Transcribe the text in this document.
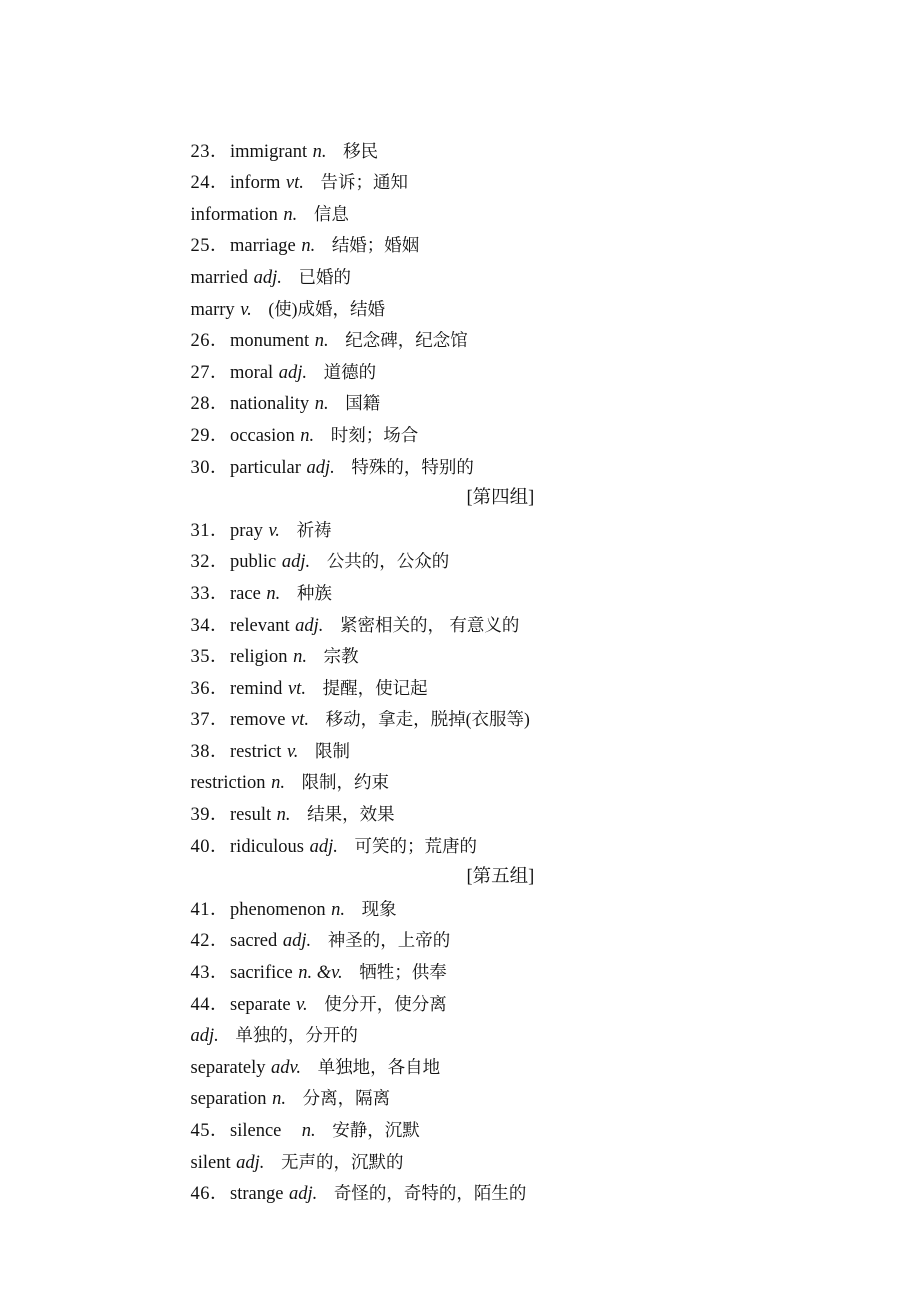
23．immigrant n. 移民

24．inform vt. 告诉；通知

information n. 信息

25．marriage n. 结婚；婚姻

married adj. 已婚的

marry v. (使)成婚，结婚

26．monument n. 纪念碑，纪念馆

27．moral adj. 道德的

28．nationality n. 国籍

29．occasion n. 时刻；场合

30．particular adj. 特殊的，特别的

[第四组]

31．pray v. 祈祷

32．public adj. 公共的，公众的

33．race n. 种族

34．relevant adj. 紧密相关的， 有意义的

35．religion n. 宗教

36．remind vt. 提醒，使记起

37．remove vt. 移动，拿走，脱掉(衣服等)

38．restrict v. 限制

restriction n. 限制，约束

39．result n. 结果，效果

40．ridiculous adj. 可笑的；荒唐的

[第五组]

41．phenomenon n. 现象

42．sacred adj. 神圣的，上帝的

43．sacrifice n. &v. 牺牲；供奉

44．separate v. 使分开，使分离

adj. 单独的，分开的

separately adv. 单独地，各自地

separation n. 分离，隔离

45．silence n. 安静，沉默

silent adj. 无声的，沉默的

46．strange adj. 奇怪的，奇特的，陌生的
